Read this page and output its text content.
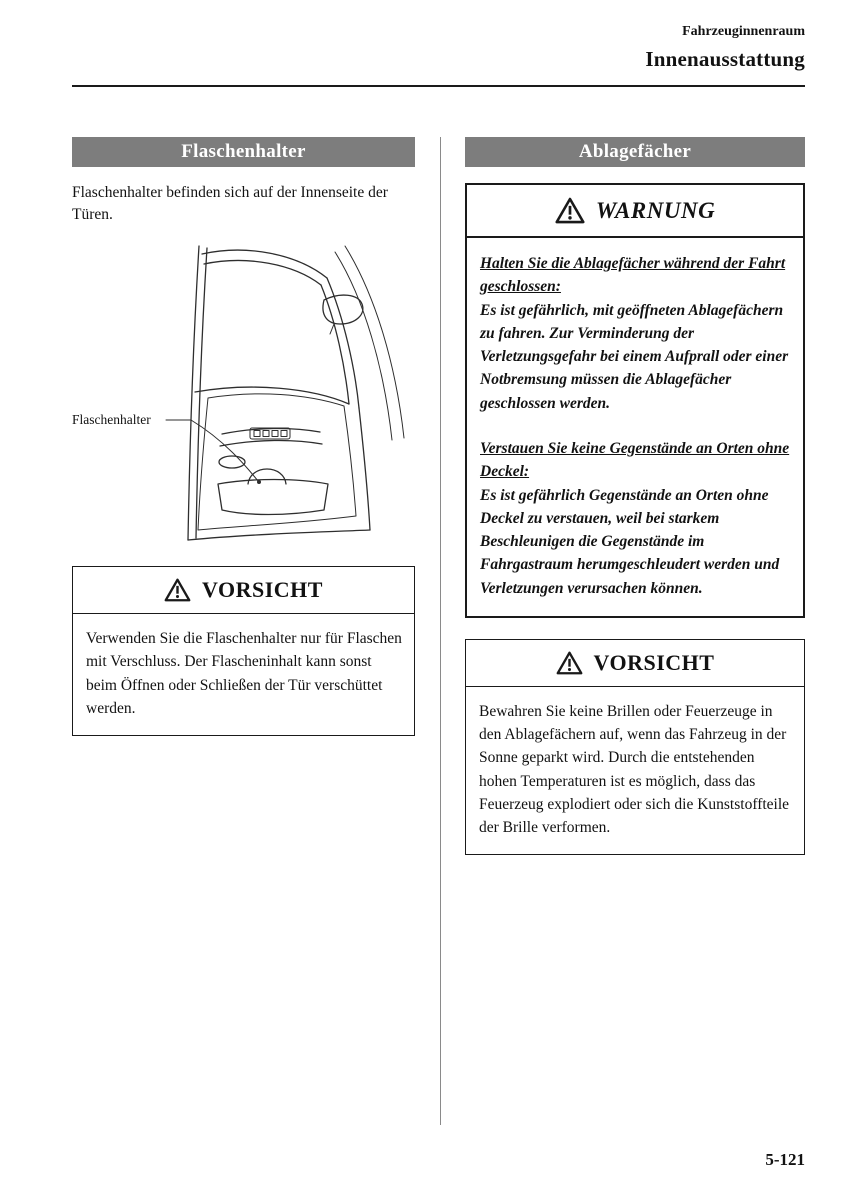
Fahrzeuginnenraum
Innenausstattung
Flaschenhalter

Flaschenhalter befinden sich auf der Innenseite der Türen.

Flaschenhalter
VORSICHT
Verwenden Sie die Flaschenhalter nur für Flaschen mit Verschluss. Der Flascheninhalt kann sonst beim Öffnen oder Schließen der Tür verschüttet werden.
Ablagefächer
WARNUNG

Halten Sie die Ablagefächer während der Fahrt geschlossen:

Es ist gefährlich, mit geöffneten Ablagefächern zu fahren. Zur Verminderung der Verletzungsgefahr bei einem Aufprall oder einer Notbremsung müssen die Ablagefächer geschlossen werden.

Verstauen Sie keine Gegenstände an Orten ohne Deckel:

Es ist gefährlich Gegenstände an Orten ohne Deckel zu verstauen, weil bei starkem Beschleunigen die Gegenstände im Fahrgastraum herumgeschleudert werden und Verletzungen verursachen können.

VORSICHT
Bewahren Sie keine Brillen oder Feuerzeuge in den Ablagefächern auf, wenn das Fahrzeug in der Sonne geparkt wird. Durch die entstehenden hohen Temperaturen ist es möglich, dass das Feuerzeug explodiert oder sich die Kunststoffteile der Brille verformen.
5-121
